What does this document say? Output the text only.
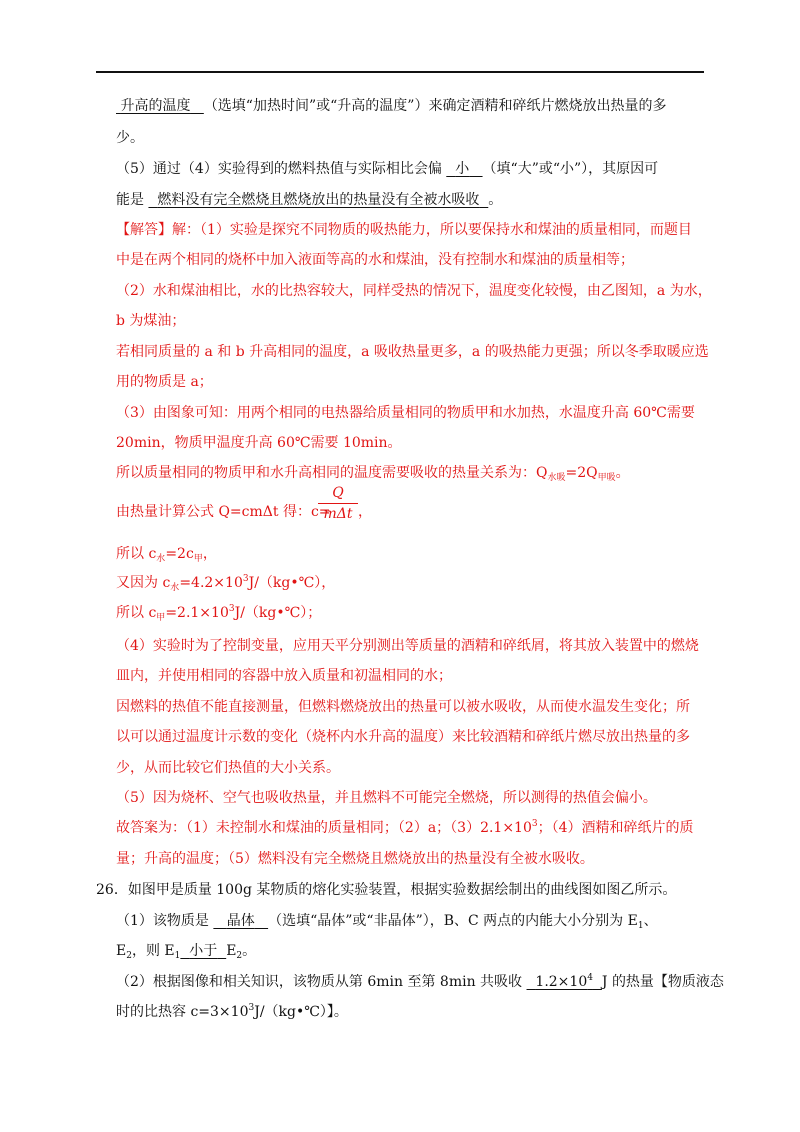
升高的温度 （选填“加热时间”或“升高的温度”）来确定酒精和碎纸片燃烧放出热量的多
少。
（5）通过（4）实验得到的燃料热值与实际相比会偏 小 （填“大”或“小”），其原因可
能是 燃料没有完全燃烧且燃烧放出的热量没有全被水吸收 。
【解答】解：（1）实验是探究不同物质的吸热能力，所以要保持水和煤油的质量相同，而题目
中是在两个相同的烧杯中加入液面等高的水和煤油，没有控制水和煤油的质量相等；
（2）水和煤油相比，水的比热容较大，同样受热的情况下，温度变化较慢，由乙图知，a 为水，
b 为煤油；
若相同质量的 a 和 b 升高相同的温度，a 吸收热量更多，a 的吸热能力更强；所以冬季取暖应选
用的物质是 a；
（3）由图象可知：用两个相同的电热器给质量相同的物质甲和水加热，水温度升高 60℃需要
20min，物质甲温度升高 60℃需要 10min。
所以质量相同的物质甲和水升高相同的温度需要吸收的热量关系为：$Q_{水吸}=2Q_{甲吸}$。
由热量计算公式 Q=cmΔt 得：c=
Q
mΔt ，
所以 $c_水=2c_甲$，
又因为 $c_水=4.2\times 10^3J/(kg•℃)$，
所以 $c_甲=2.1\times 10^3J/(kg•℃)$；
（4）实验时为了控制变量，应用天平分别测出等质量的酒精和碎纸屑，将其放入装置中的燃烧
皿内，并使用相同的容器中放入质量和初温相同的水；
因燃料的热值不能直接测量，但燃料燃烧放出的热量可以被水吸收，从而使水温发生变化；所
以可以通过温度计示数的变化（烧杯内水升高的温度）来比较酒精和碎纸片燃尽放出热量的多
少，从而比较它们热值的大小关系。
（5）因为烧杯、空气也吸收热量，并且燃料不可能完全燃烧，所以测得的热值会偏小。
故答案为：（1）未控制水和煤油的质量相同；（2）a；$(3)2.1\times 10^3$；（4）酒精和碎纸片的质
量；升高的温度；（5）燃料没有完全燃烧且燃烧放出的热量没有全被水吸收。
26．如图甲是质量 100g 某物质的熔化实验装置，根据实验数据绘制出的曲线图如图乙所示。
（1）该物质是 晶体 （选填“晶体”或“非晶体”），B、C 两点的内能大小分别为 $E_1$、
$E_2$，则 $E_1$ 小于 $E_2$。
（2）根据图像和相关知识，该物质从第 6min 至第 8min 共吸收 $1.2\times 10^4$ J 的热量【物质液态
时的比热容 $c=3\times 10^3J/(kg•℃)$】。
